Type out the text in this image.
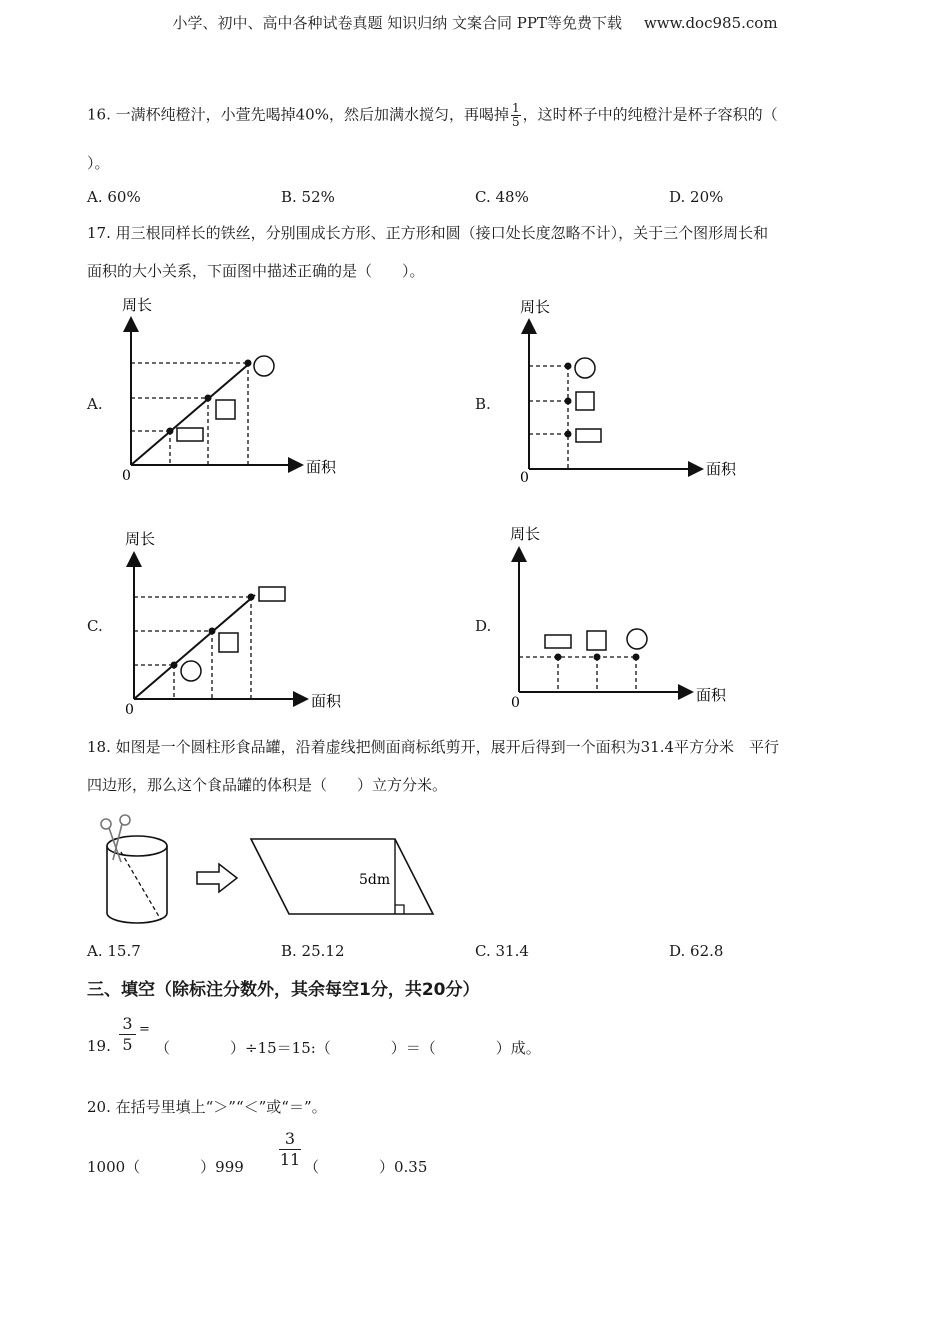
小学、初中、高中各种试卷真题 知识归纳 文案合同 PPT等免费下载 www.doc985.com
16. 一满杯纯橙汁，小萱先喝掉40%，然后加满水搅匀，再喝掉 $\frac{1}{5}$ ，这时杯子中的纯橙汁是杯子容积的（
）。
A. 60%	B. 52%	C. 48%	D. 20%
17. 用三根同样长的铁丝，分别围成长方形、正方形和圆（接口处长度忽略不计），关于三个图形周长和
面积的大小关系，下面图中描述正确的是（　　）。
A.	B.
C.	D.
周长
面积
0
周长
面积
0
周长
面积
0
周长
面积
0
18. 如图是一个圆柱形食品罐，沿着虚线把侧面商标纸剪开，展开后得到一个面积为31.4平方分米　平行
四边形，那么这个食品罐的体积是（　　）立方分米。
5dm
A. 15.7	B. 25.12	C. 31.4	D. 62.8
三、填空（除标注分数外，其余每空1分，共20分）
19. $\frac{3}{5}$ =
（　　　　）÷15＝15:（　　　　）＝（　　　　）成。
20. 在括号里填上“＞”“＜”或“＝”。
1000（　　　　）$999 \frac{3}{11}$ （　　　　）0.35
